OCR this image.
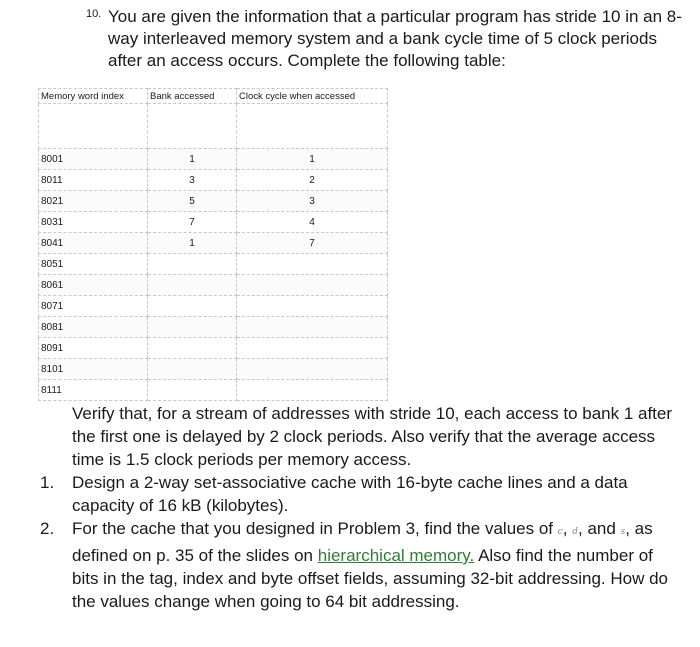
10. You are given the information that a particular program has stride 10 in an 8-way interleaved memory system and a bank cycle time of 5 clock periods after an access occurs. Complete the following table:
Memory word index	Bank accessed	Clock cycle when accessed

8001	1	1
8011	3	2
8021	5	3
8031	7	4
8041	1	7
8051		
8061		
8071		
8081		
8091		
8101		
8111		
Verify that, for a stream of addresses with stride 10, each access to bank 1 after the first one is delayed by 2 clock periods. Also verify that the average access time is 1.5 clock periods per memory access.
1.	Design a 2-way set-associative cache with 16-byte cache lines and a data capacity of 16 kB (kilobytes).
2.	For the cache that you designed in Problem 3, find the values of c, d, and s, as defined on p. 35 of the slides on hierarchical memory. Also find the number of bits in the tag, index and byte offset fields, assuming 32-bit addressing. How do the values change when going to 64 bit addressing.
